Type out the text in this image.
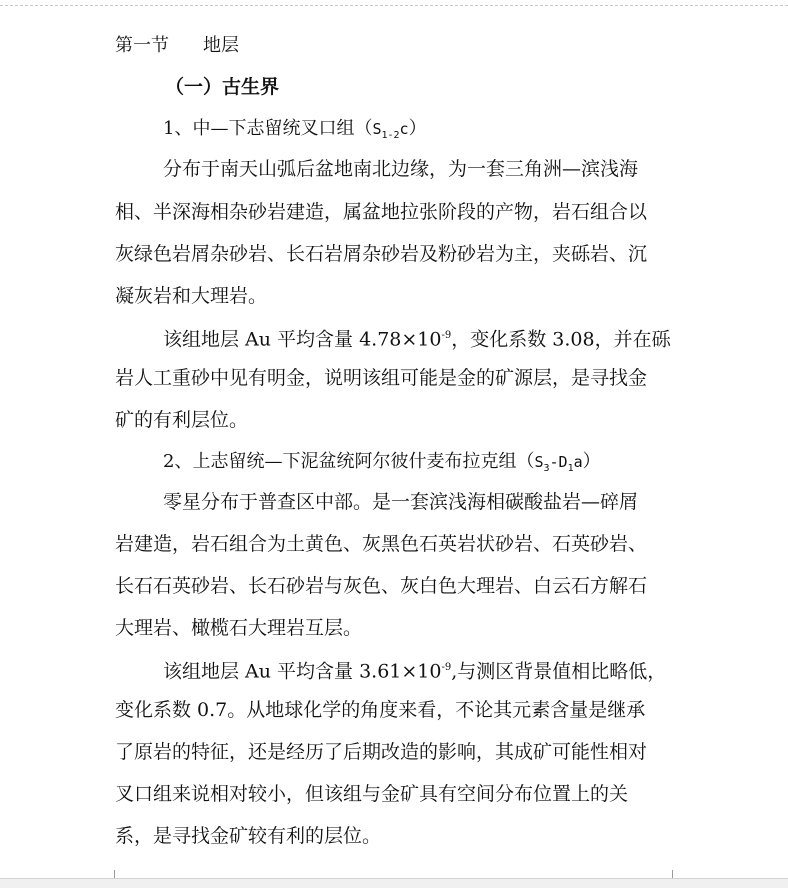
第一节 地层
（一）古生界
1、中—下志留统叉口组$(S_{1-2}c)$
分布于南天山弧后盆地南北边缘，为一套三角洲—滨浅海
相、半深海相杂砂岩建造，属盆地拉张阶段的产物，岩石组合以
灰绿色岩屑杂砂岩、长石岩屑杂砂岩及粉砂岩为主，夹砾岩、沉
凝灰岩和大理岩。
该组地层 Au 平均含量 $4.78\times 10^{-9}$，变化系数 3.08，并在砾
岩人工重砂中见有明金，说明该组可能是金的矿源层，是寻找金
矿的有利层位。
2、上志留统—下泥盆统阿尔彼什麦布拉克组$(S_3-D_1a)$
零星分布于普查区中部。是一套滨浅海相碳酸盐岩—碎屑
岩建造，岩石组合为土黄色、灰黑色石英岩状砂岩、石英砂岩、
长石石英砂岩、长石砂岩与灰色、灰白色大理岩、白云石方解石
大理岩、橄榄石大理岩互层。
该组地层 Au 平均含量 $3.61\times 10^{-9}$,与测区背景值相比略低，
变化系数 0.7。从地球化学的角度来看，不论其元素含量是继承
了原岩的特征，还是经历了后期改造的影响，其成矿可能性相对
叉口组来说相对较小，但该组与金矿具有空间分布位置上的关
系，是寻找金矿较有利的层位。
